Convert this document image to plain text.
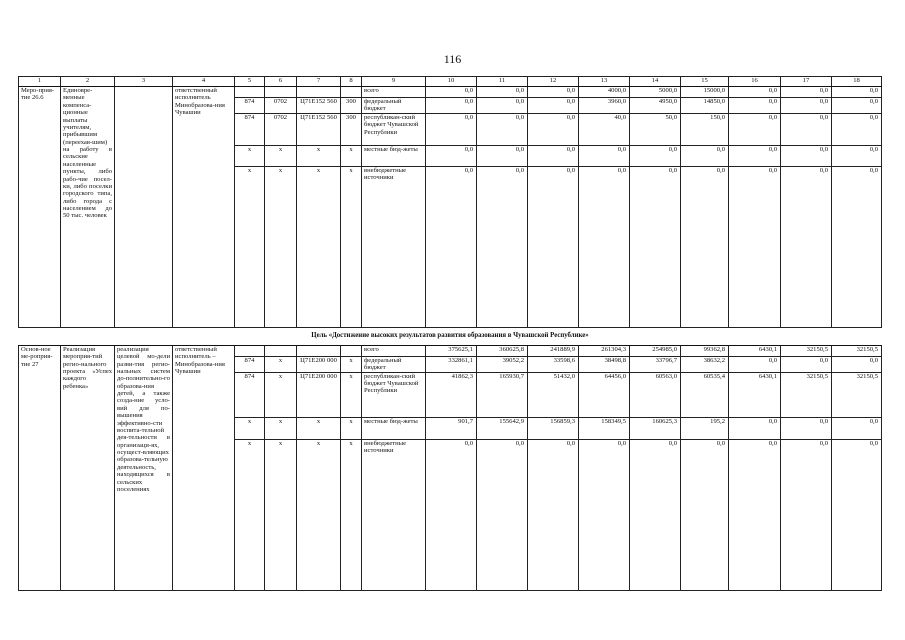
116
1	2	3	4	5	6	7	8	9	10	11	12	13	14	15	16	17	18
Меро-прия-тие 26.6	Единовре-менные компенса-ционные выплаты учителям, прибывшим (переехав-шим) на работу в сельские населенные пункты, либо рабо-чие посел-ки, либо поселки городского типа, либо города с населением до 50 тыс. человек		ответственный исполнитель Минобразова-ния Чувашии					всего	0,0	0,0	0,0	4000,0	5000,0	15000,0	0,0	0,0	0,0
				874	0702	Ц71Е152 560	300	федеральный бюджет	0,0	0,0	0,0	3960,0	4950,0	14850,0	0,0	0,0	0,0
				874	0702	Ц71Е152 560	300	республикан-ский бюджет Чувашской Республики	0,0	0,0	0,0	40,0	50,0	150,0	0,0	0,0	0,0
				x	x	x	x	местные бюд-жеты	0,0	0,0	0,0	0,0	0,0	0,0	0,0	0,0	0,0
				x	x	x	x	внебюджетные источники	0,0	0,0	0,0	0,0	0,0	0,0	0,0	0,0	0,0
Цель «Достижение высоких результатов развития образования в Чувашской Республике»																	
Основ-ное ме-роприя-тие 27	Реализация мероприя-тий регио-нального проекта «Успех каждого ребенка»	реализация целевой мо-дели разви-тия регио-нальных систем до-полнительно-го образова-ния детей, а также созда-ние усло-вий для по-вышения эффективно-сти воспита-тельной дея-тельности в организаци-ях, осущест-вляющих образова-тельную деятельность, находящихся в сельских поселениях	ответственный исполнитель – Минобразова-ния Чувашии					всего	375625,1	360625,8	241889,9	261304,3	254985,0	99362,8	6430,1	32150,5	32150,5
				874	x	Ц71Е200 000	x	федеральный бюджет	332861,1	39052,2	33598,6	38498,8	33796,7	38632,2	0,0	0,0	0,0
				874	x	Ц71Е200 000	x	республикан-ский бюджет Чувашской Республики	41862,3	165930,7	51432,0	64456,0	60563,0	60535,4	6430,1	32150,5	32150,5
				x	x	x	x	местные бюд-жеты	901,7	155642,9	156859,3	158349,5	160625,3	195,2	0,0	0,0	0,0
				x	x	x	x	внебюджетные источники	0,0	0,0	0,0	0,0	0,0	0,0	0,0	0,0	0,0
